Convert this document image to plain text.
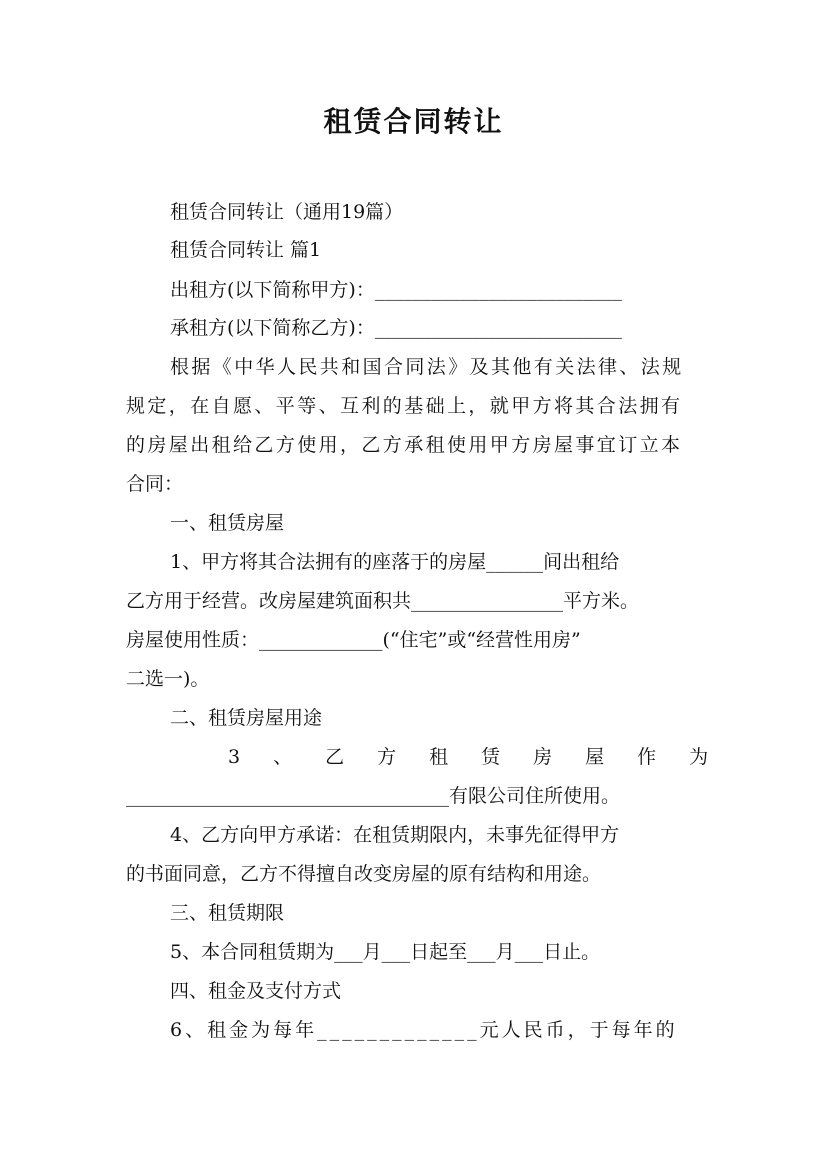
租赁合同转让
租赁合同转让（通用19篇）
租赁合同转让 篇1
出租方(以下简称甲方)：__________________________
承租方(以下简称乙方)：__________________________
根据《中华人民共和国合同法》及其他有关法律、法规
规定，在自愿、平等、互利的基础上，就甲方将其合法拥有
的房屋出租给乙方使用，乙方承租使用甲方房屋事宜订立本
合同：
一、租赁房屋
1、甲方将其合法拥有的座落于的房屋______间出租给
乙方用于经营。改房屋建筑面积共________________平方米。
房屋使用性质：_____________(“住宅”或“经营性用房”
二选一)。
二、租赁房屋用途
3、乙方租赁房屋作为
__________________________________有限公司住所使用。
4、乙方向甲方承诺：在租赁期限内，未事先征得甲方
的书面同意，乙方不得擅自改变房屋的原有结构和用途。
三、租赁期限
5、本合同租赁期为___月___日起至___月___日止。
四、租金及支付方式
6、租金为每年_____________元人民币，于每年的
